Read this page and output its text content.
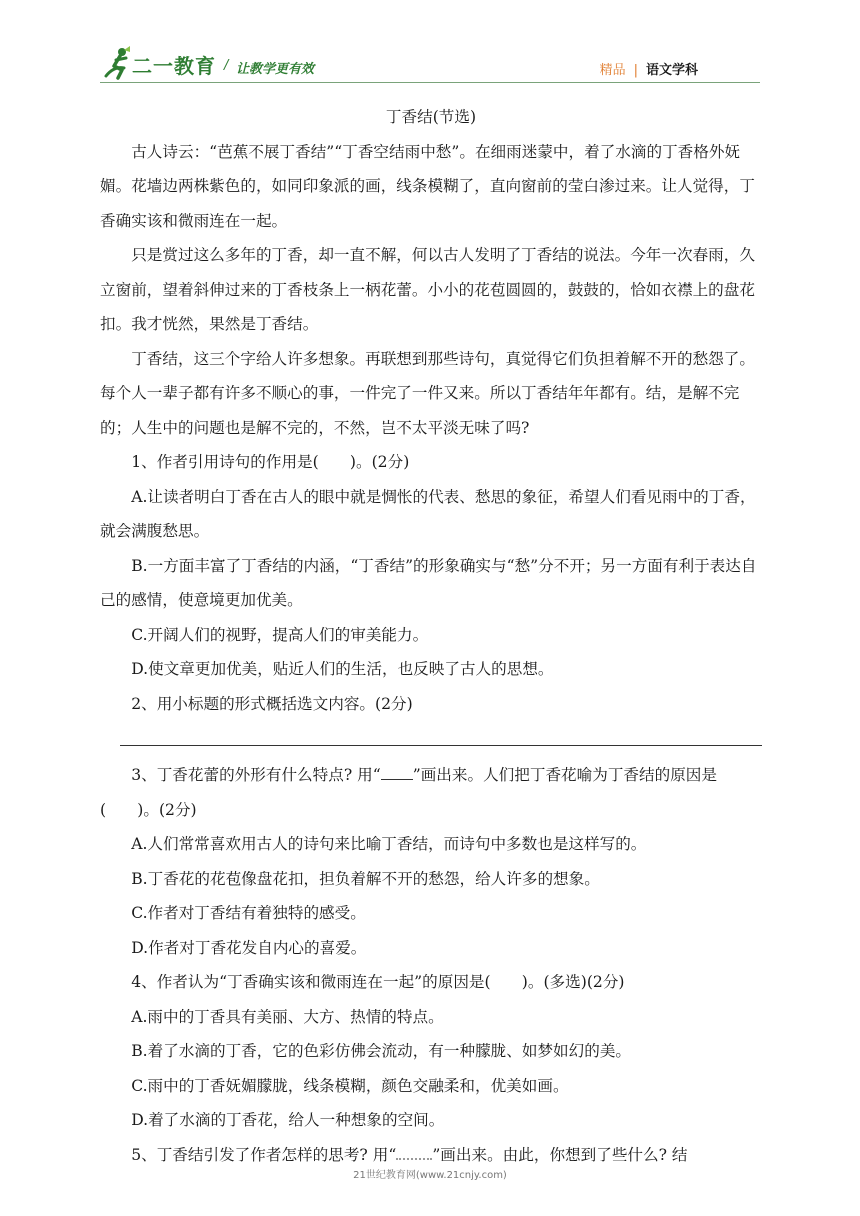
二一教育 / 让教学更有效	精品 | 语文学科

丁香结(节选)

古人诗云：“芭蕉不展丁香结”“丁香空结雨中愁”。在细雨迷蒙中，着了水滴的丁香格外妩媚。花墙边两株紫色的，如同印象派的画，线条模糊了，直向窗前的莹白渗过来。让人觉得，丁香确实该和微雨连在一起。

只是赏过这么多年的丁香，却一直不解，何以古人发明了丁香结的说法。今年一次春雨，久立窗前，望着斜伸过来的丁香枝条上一柄花蕾。小小的花苞圆圆的，鼓鼓的，恰如衣襟上的盘花扣。我才恍然，果然是丁香结。

丁香结，这三个字给人许多想象。再联想到那些诗句，真觉得它们负担着解不开的愁怨了。每个人一辈子都有许多不顺心的事，一件完了一件又来。所以丁香结年年都有。结，是解不完的；人生中的问题也是解不完的，不然，岂不太平淡无味了吗?

1、作者引用诗句的作用是(　　)。(2分)

A.让读者明白丁香在古人的眼中就是惆怅的代表、愁思的象征，希望人们看见雨中的丁香，就会满腹愁思。

B.一方面丰富了丁香结的内涵，“丁香结”的形象确实与“愁”分不开；另一方面有利于表达自己的感情，使意境更加优美。

C.开阔人们的视野，提高人们的审美能力。

D.使文章更加优美，贴近人们的生活，也反映了古人的思想。

2、用小标题的形式概括选文内容。(2分)

3、丁香花蕾的外形有什么特点? 用“ ”画出来。人们把丁香花喻为丁香结的原因是(　　)。(2分)

A.人们常常喜欢用古人的诗句来比喻丁香结，而诗句中多数也是这样写的。

B.丁香花的花苞像盘花扣，担负着解不开的愁怨，给人许多的想象。

C.作者对丁香结有着独特的感受。

D.作者对丁香花发自内心的喜爱。

4、作者认为“丁香确实该和微雨连在一起”的原因是(　　)。(多选)(2分)

A.雨中的丁香具有美丽、大方、热情的特点。

B.着了水滴的丁香，它的色彩仿佛会流动，有一种朦胧、如梦如幻的美。

C.雨中的丁香妩媚朦胧，线条模糊，颜色交融柔和，优美如画。

D.着了水滴的丁香花，给人一种想象的空间。

5、丁香结引发了作者怎样的思考? 用“ ”画出来。由此，你想到了些什么? 结

21世纪教育网(www.21cnjy.com)
